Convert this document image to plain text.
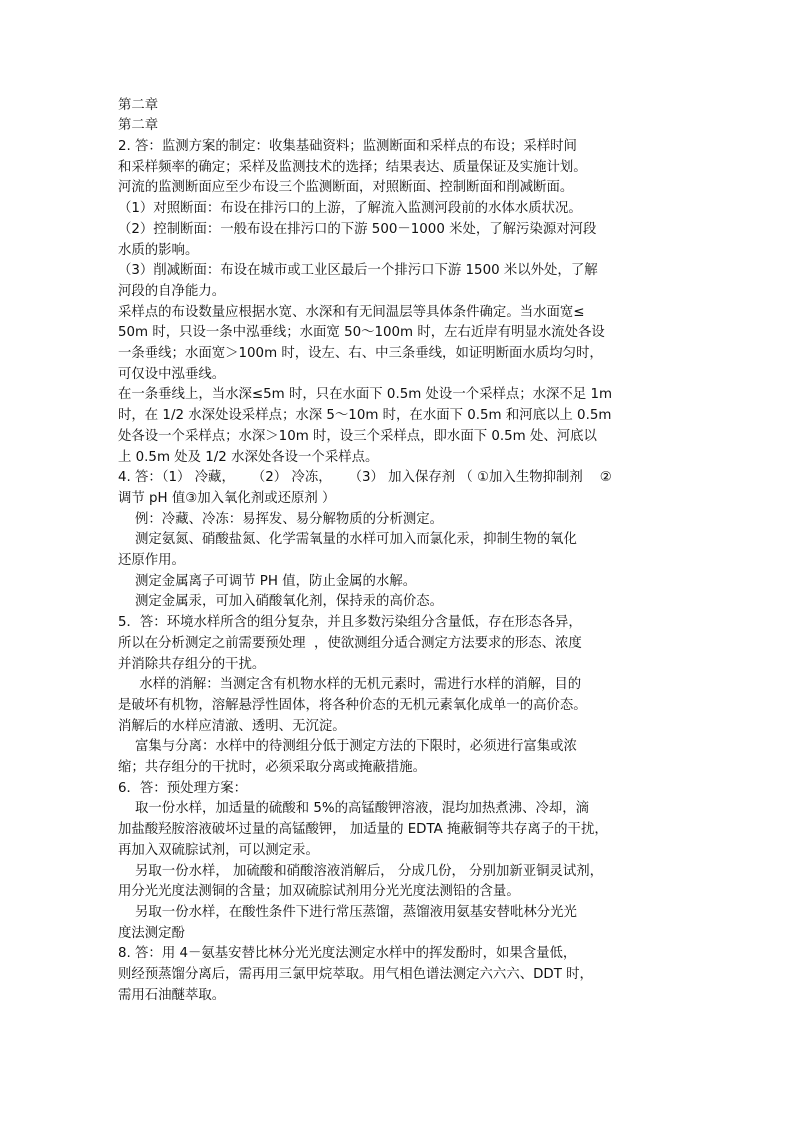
第二章
第二章
2. 答：监测方案的制定：收集基础资料；监测断面和采样点的布设；采样时间
和采样频率的确定；采样及监测技术的选择；结果表达、质量保证及实施计划。
河流的监测断面应至少布设三个监测断面，对照断面、控制断面和削减断面。
（1）对照断面：布设在排污口的上游，了解流入监测河段前的水体水质状况。
（2）控制断面：一般布设在排污口的下游 500－1000 米处，了解污染源对河段
水质的影响。
（3）削减断面：布设在城市或工业区最后一个排污口下游 1500 米以外处，了解
河段的自净能力。
采样点的布设数量应根据水宽、水深和有无间温层等具体条件确定。当水面宽≤
50m 时，只设一条中泓垂线；水面宽 50～100m 时，左右近岸有明显水流处各设
一条垂线；水面宽＞100m 时，设左、右、中三条垂线，如证明断面水质均匀时，
可仅设中泓垂线。
在一条垂线上，当水深≤5m 时，只在水面下 0.5m 处设一个采样点；水深不足 1m
时，在 1/2 水深处设采样点；水深 5～10m 时，在水面下 0.5m 和河底以上 0.5m
处各设一个采样点；水深＞10m 时，设三个采样点，即水面下 0.5m 处、河底以
上 0.5m 处及 1/2 水深处各设一个采样点。
4. 答：（1） 冷藏，    （2） 冷冻，    （3） 加入保存剂 （ ①加入生物抑制剂    ②
调节 pH 值③加入氧化剂或还原剂 ）
例：冷藏、冷冻：易挥发、易分解物质的分析测定。
测定氨氮、硝酸盐氮、化学需氧量的水样可加入而氯化汞，抑制生物的氧化
还原作用。
测定金属离子可调节 PH 值，防止金属的水解。
测定金属汞，可加入硝酸氧化剂，保持汞的高价态。
5．答：环境水样所含的组分复杂，并且多数污染组分含量低，存在形态各异，
所以在分析测定之前需要预处理  ，使欲测组分适合测定方法要求的形态、浓度
并消除共存组分的干扰。
水样的消解：当测定含有机物水样的无机元素时，需进行水样的消解，目的
是破坏有机物，溶解悬浮性固体，将各种价态的无机元素氧化成单一的高价态。
消解后的水样应清澈、透明、无沉淀。
富集与分离：水样中的待测组分低于测定方法的下限时，必须进行富集或浓
缩；共存组分的干扰时，必须采取分离或掩蔽措施。
6．答：预处理方案：
取一份水样，加适量的硫酸和 5%的高锰酸钾溶液，混均加热煮沸、冷却，滴
加盐酸羟胺溶液破坏过量的高锰酸钾， 加适量的 EDTA 掩蔽铜等共存离子的干扰，
再加入双硫腙试剂，可以测定汞。
另取一份水样， 加硫酸和硝酸溶液消解后， 分成几份， 分别加新亚铜灵试剂，
用分光光度法测铜的含量；加双硫腙试剂用分光光度法测铅的含量。
另取一份水样，在酸性条件下进行常压蒸馏，蒸馏液用氨基安替吡林分光光
度法测定酚
8. 答：用 4－氨基安替比林分光光度法测定水样中的挥发酚时，如果含量低，
则经预蒸馏分离后，需再用三氯甲烷萃取。用气相色谱法测定六六六、DDT 时，
需用石油醚萃取。
